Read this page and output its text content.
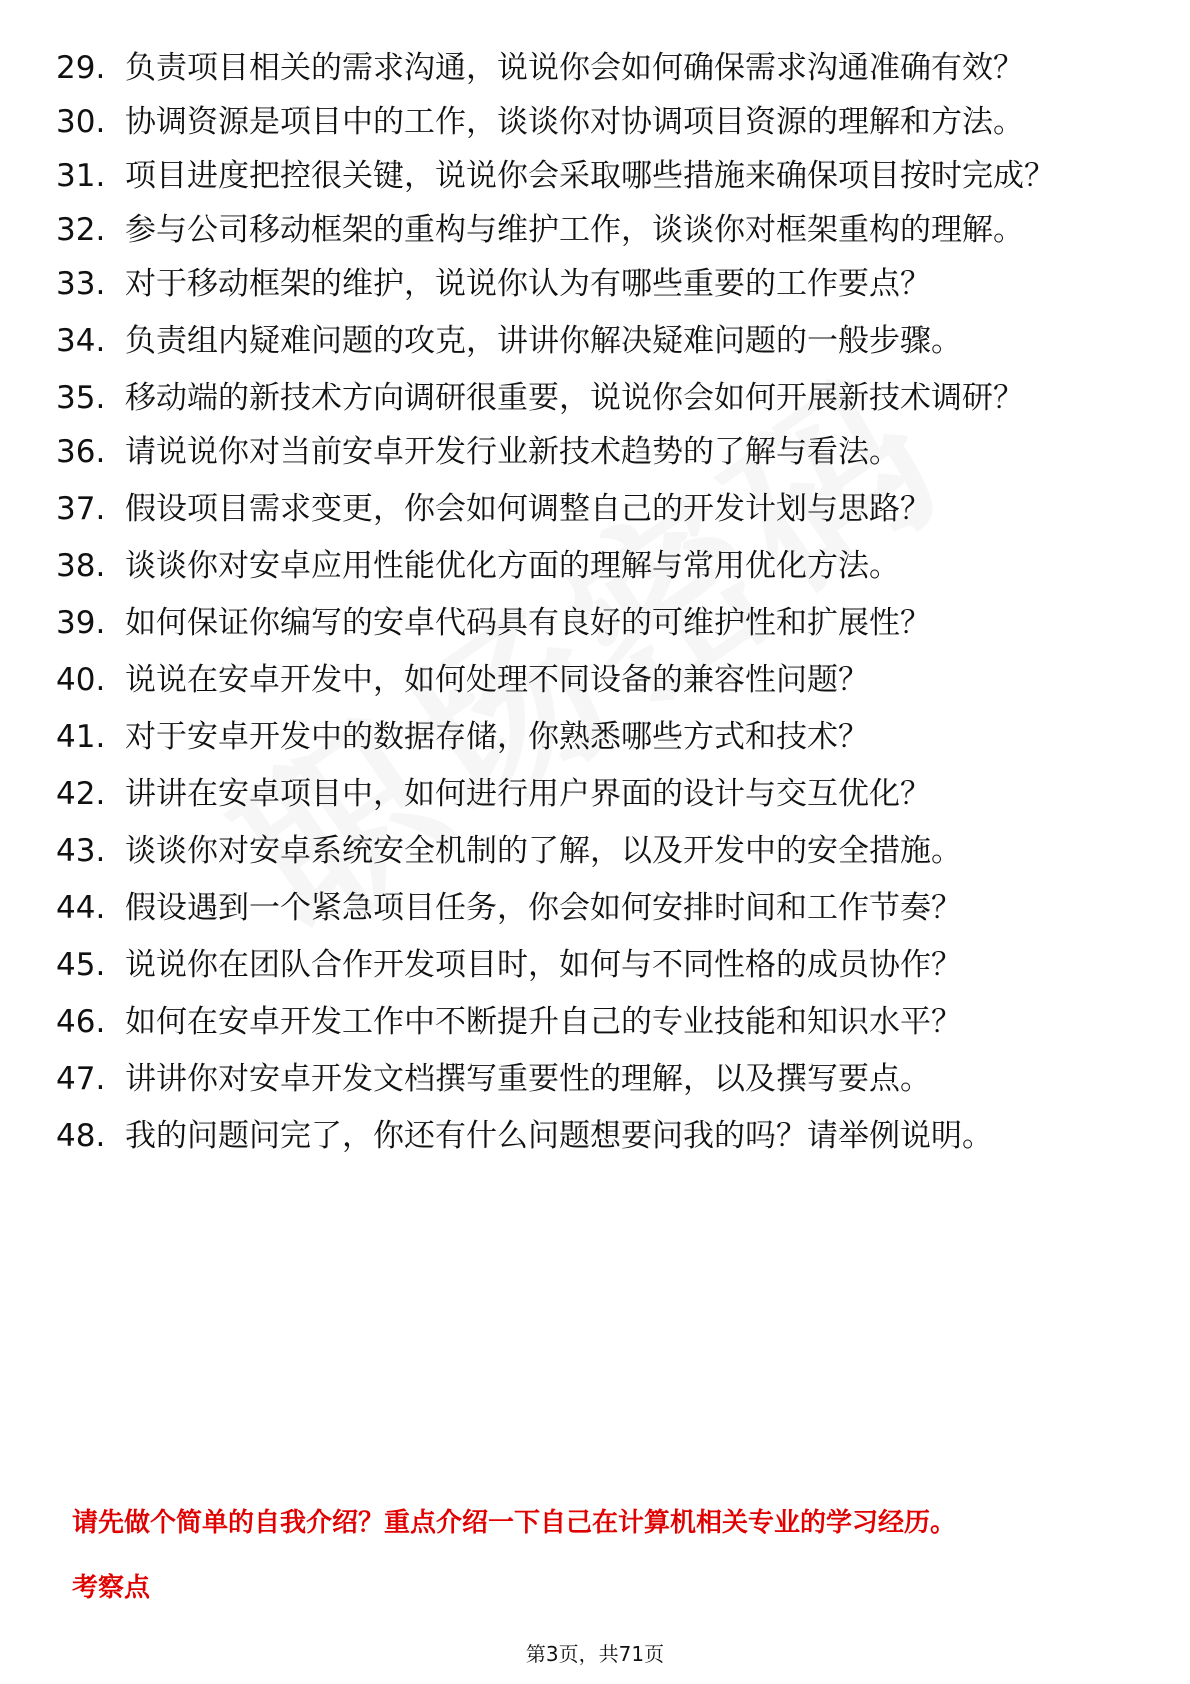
29. 负责项目相关的需求沟通，说说你会如何确保需求沟通准确有效？
30. 协调资源是项目中的工作，谈谈你对协调项目资源的理解和方法。
31. 项目进度把控很关键，说说你会采取哪些措施来确保项目按时完成？
32. 参与公司移动框架的重构与维护工作，谈谈你对框架重构的理解。
33. 对于移动框架的维护，说说你认为有哪些重要的工作要点？
34. 负责组内疑难问题的攻克，讲讲你解决疑难问题的一般步骤。
35. 移动端的新技术方向调研很重要，说说你会如何开展新技术调研？
36. 请说说你对当前安卓开发行业新技术趋势的了解与看法。
37. 假设项目需求变更，你会如何调整自己的开发计划与思路？
38. 谈谈你对安卓应用性能优化方面的理解与常用优化方法。
39. 如何保证你编写的安卓代码具有良好的可维护性和扩展性？
40. 说说在安卓开发中，如何处理不同设备的兼容性问题？
41. 对于安卓开发中的数据存储，你熟悉哪些方式和技术？
42. 讲讲在安卓项目中，如何进行用户界面的设计与交互优化？
43. 谈谈你对安卓系统安全机制的了解，以及开发中的安全措施。
44. 假设遇到一个紧急项目任务，你会如何安排时间和工作节奏？
45. 说说你在团队合作开发项目时，如何与不同性格的成员协作？
46. 如何在安卓开发工作中不断提升自己的专业技能和知识水平？
47. 讲讲你对安卓开发文档撰写重要性的理解，以及撰写要点。
48. 我的问题问完了，你还有什么问题想要问我的吗？请举例说明。
请先做个简单的自我介绍？重点介绍一下自己在计算机相关专业的学习经历。
考察点
第3页，共71页
